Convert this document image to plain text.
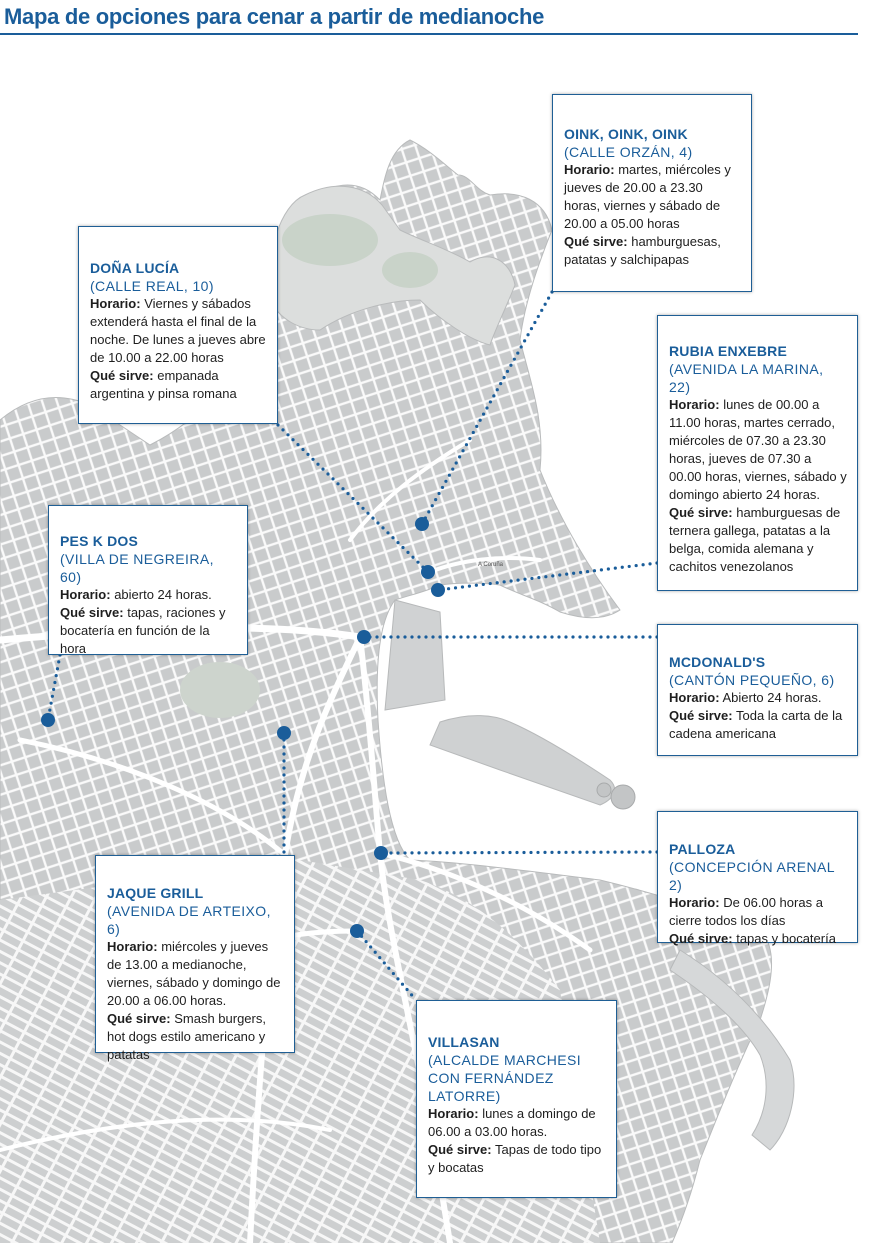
Mapa de opciones para cenar a partir de medianoche
A Coruña

OINK, OINK, OINK

(CALLE ORZÁN, 4)

Horario: martes, miércoles y jueves de 20.00 a 23.30 horas, viernes y sábado de 20.00 a 05.00 horas

Qué sirve: hamburguesas, patatas y salchipapas

DOÑA LUCÍA

(CALLE REAL, 10)

Horario: Viernes y sábados extenderá hasta el final de la noche. De lunes a jueves abre de 10.00 a 22.00 horas

Qué sirve: empanada argentina y pinsa romana

RUBIA ENXEBRE

(AVENIDA LA MARINA, 22)

Horario: lunes de 00.00 a 11.00 horas, martes cerrado, miércoles de 07.30 a 23.30 horas, jueves de 07.30 a 00.00 horas, viernes, sábado y domingo abierto 24 horas.

Qué sirve: hamburguesas de ternera gallega, patatas a la belga, comida alemana y cachitos venezolanos

PES K DOS

(VILLA DE NEGREIRA, 60)

Horario: abierto 24 horas.

Qué sirve: tapas, raciones y bocatería en función de la hora

MCDONALD'S

(CANTÓN PEQUEÑO, 6)

Horario: Abierto 24 horas.

Qué sirve: Toda la carta de la cadena americana

PALLOZA

(CONCEPCIÓN ARENAL 2)

Horario: De 06.00 horas a cierre todos los días

Qué sirve: tapas y bocatería

JAQUE GRILL

(AVENIDA DE ARTEIXO, 6)

Horario: miércoles y jueves de 13.00 a medianoche, viernes, sábado y domingo de 20.00 a 06.00 horas.

Qué sirve: Smash burgers, hot dogs estilo americano y patatas

VILLASAN

(ALCALDE MARCHESI CON FERNÁNDEZ LATORRE)

Horario: lunes a domingo de 06.00 a 03.00 horas.

Qué sirve: Tapas de todo tipo y bocatas
